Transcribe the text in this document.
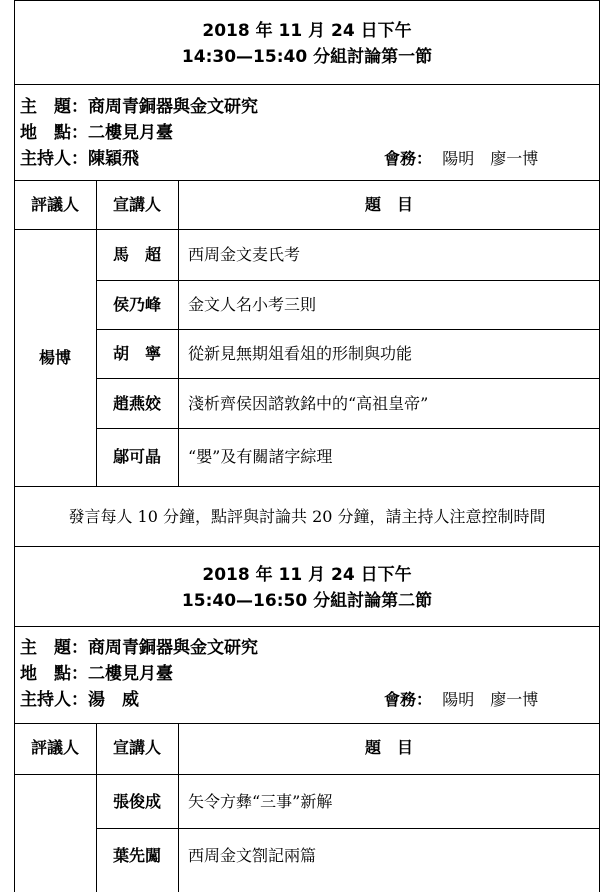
2018 年 11 月 24 日下午
14:30—15:40 分組討論第一節
主　題：商周青銅器與金文研究
地　點：二樓見月臺
主持人：陳穎飛	會務： 陽明　廖一博
評議人	宣講人	題　目
楊博
馬　超	西周金文麦氏考
侯乃峰	金文人名小考三則
胡　寧	從新見無期俎看俎的形制與功能
趙燕姣	淺析齊侯因諮敦銘中的“高祖皇帝”
鄔可晶	“嬰”及有關諸字綜理
發言每人 10 分鐘，點評與討論共 20 分鐘，請主持人注意控制時間
2018 年 11 月 24 日下午
15:40—16:50 分組討論第二節
主　題：商周青銅器與金文研究
地　點：二樓見月臺
主持人：湯　威	會務： 陽明　廖一博
評議人	宣講人	題　目
張俊成	矢令方彝“三事”新解
葉先闖	西周金文劄記兩篇
